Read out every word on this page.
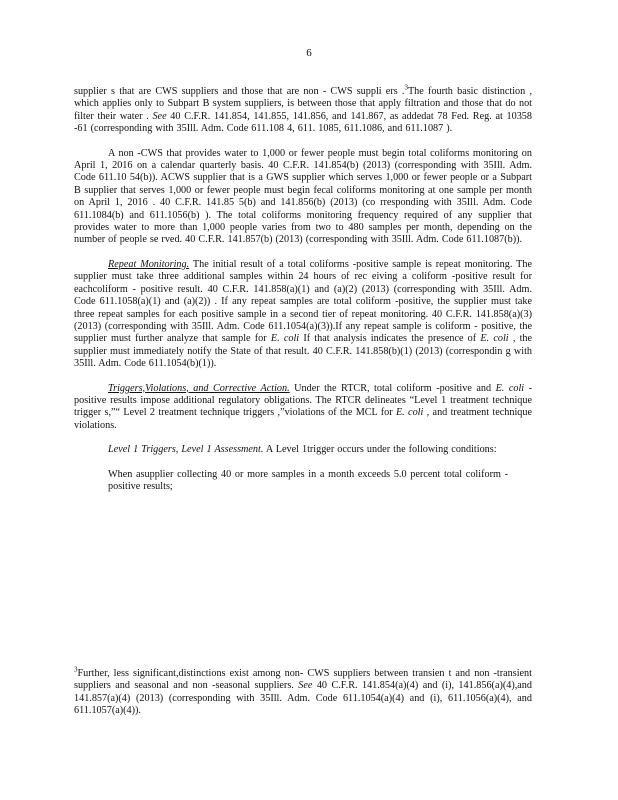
6

supplier s that are CWS suppliers and those that are non - CWS suppli ers .$^3$The fourth basic distinction , which applies only to Subpart B system suppliers, is between those that apply filtration and those that do not filter their water . See 40 C.F.R. 141.854, 141.855, 141.856, and 141.867, as addedat 78 Fed. Reg. at 10358 -61 (corresponding with 35Ill. Adm. Code 611.108 4, 611. 1085, 611.1086, and 611.1087 ).

A non -CWS that provides water to 1,000 or fewer people must begin total coliforms monitoring on April 1, 2016 on a calendar quarterly basis. 40 C.F.R. 141.854(b) (2013) (corresponding with 35Ill. Adm. Code 611.10 54(b)). ACWS supplier that is a GWS supplier which serves 1,000 or fewer people or a Subpart B supplier that serves 1,000 or fewer people must begin fecal coliforms monitoring at one sample per month on April 1, 2016 . 40 C.F.R. 141.85 5(b) and 141.856(b) (2013) (co rresponding with 35Ill. Adm. Code 611.1084(b) and 611.1056(b) ). The total coliforms monitoring frequency required of any supplier that provides water to more than 1,000 people varies from two to 480 samples per month, depending on the number of people se rved. 40 C.F.R. 141.857(b) (2013) (corresponding with 35Ill. Adm. Code 611.1087(b)).

Repeat Monitoring. The initial result of a total coliforms -positive sample is repeat monitoring. The supplier must take three additional samples within 24 hours of rec eiving a coliform -positive result for eachcoliform - positive result. 40 C.F.R. 141.858(a)(1) and (a)(2) (2013) (corresponding with 35Ill. Adm. Code 611.1058(a)(1) and (a)(2)) . If any repeat samples are total coliform -positive, the supplier must take three repeat samples for each positive sample in a second tier of repeat monitoring. 40 C.F.R. 141.858(a)(3) (2013) (corresponding with 35Ill. Adm. Code 611.1054(a)(3)).If any repeat sample is coliform - positive, the supplier must further analyze that sample for E. coli If that analysis indicates the presence of E. coli , the supplier must immediately notify the State of that result. 40 C.F.R. 141.858(b)(1) (2013) (correspondin g with 35Ill. Adm. Code 611.1054(b)(1)).

Triggers,Violations, and Corrective Action. Under the RTCR, total coliform -positive and E. coli -positive results impose additional regulatory obligations. The RTCR delineates “Level 1 treatment technique trigger s,”“ Level 2 treatment technique triggers ,”violations of the MCL for E. coli , and treatment technique violations.

Level 1 Triggers, Level 1 Assessment. A Level 1trigger occurs under the following conditions:

When asupplier collecting 40 or more samples in a month exceeds 5.0 percent total coliform -positive results;

$^3$Further, less significant,distinctions exist among non- CWS suppliers between transien t and non -transient suppliers and seasonal and non -seasonal suppliers. See 40 C.F.R. 141.854(a)(4) and (i), 141.856(a)(4),and 141.857(a)(4) (2013) (corresponding with 35Ill. Adm. Code 611.1054(a)(4) and (i), 611.1056(a)(4), and 611.1057(a)(4)).
